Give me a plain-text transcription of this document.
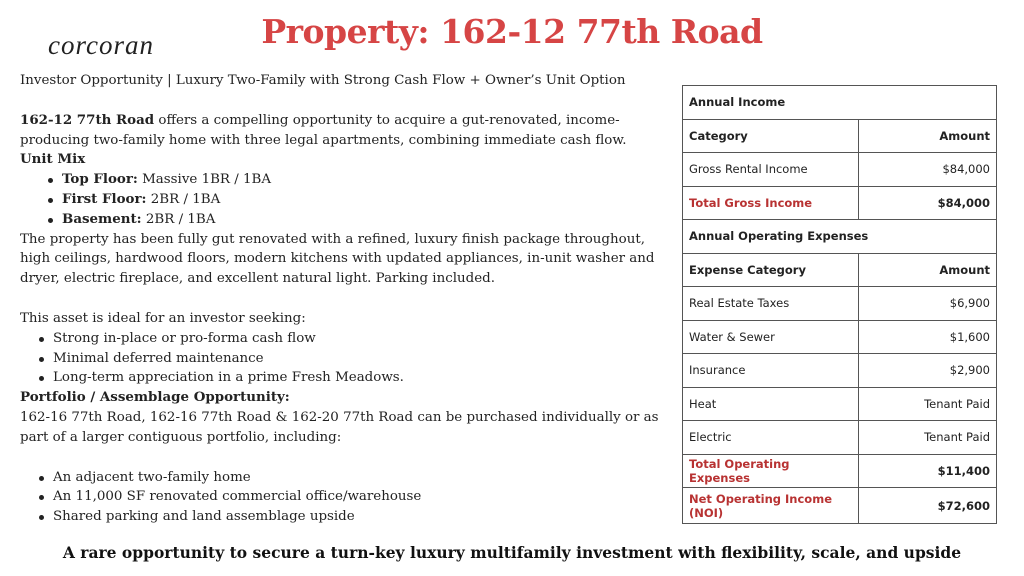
corcoran	Property: 162-12 77th Road

Investor Opportunity | Luxury Two-Family with Strong Cash Flow + Owner’s Unit Option

162-12 77th Road offers a compelling opportunity to acquire a gut-renovated, income-producing two-family home with three legal apartments, combining immediate cash flow.

Unit Mix

Top Floor: Massive 1BR / 1BA
First Floor: 2BR / 1BA
Basement: 2BR / 1BA

The property has been fully gut renovated with a refined, luxury finish package throughout, high ceilings, hardwood floors, modern kitchens with updated appliances, in-unit washer and dryer, electric fireplace, and excellent natural light. Parking included.

This asset is ideal for an investor seeking:

Strong in-place or pro-forma cash flow
Minimal deferred maintenance
Long-term appreciation in a prime Fresh Meadows.

Portfolio / Assemblage Opportunity:

162-16 77th Road, 162-16 77th Road & 162-20 77th Road can be purchased individually or as part of a larger contiguous portfolio, including:

An adjacent two-family home
An 11,000 SF renovated commercial office/warehouse
Shared parking and land assemblage upside
Annual Income	
Category	Amount
Gross Rental Income	$84,000
Total Gross Income	$84,000
Annual Operating Expenses	
Expense Category	Amount
Real Estate Taxes	$6,900
Water & Sewer	$1,600
Insurance	$2,900
Heat	Tenant Paid
Electric	Tenant Paid
Total Operating Expenses	$11,400
Net Operating Income (NOI)	$72,600
A rare opportunity to secure a turn-key luxury multifamily investment with flexibility, scale, and upside
